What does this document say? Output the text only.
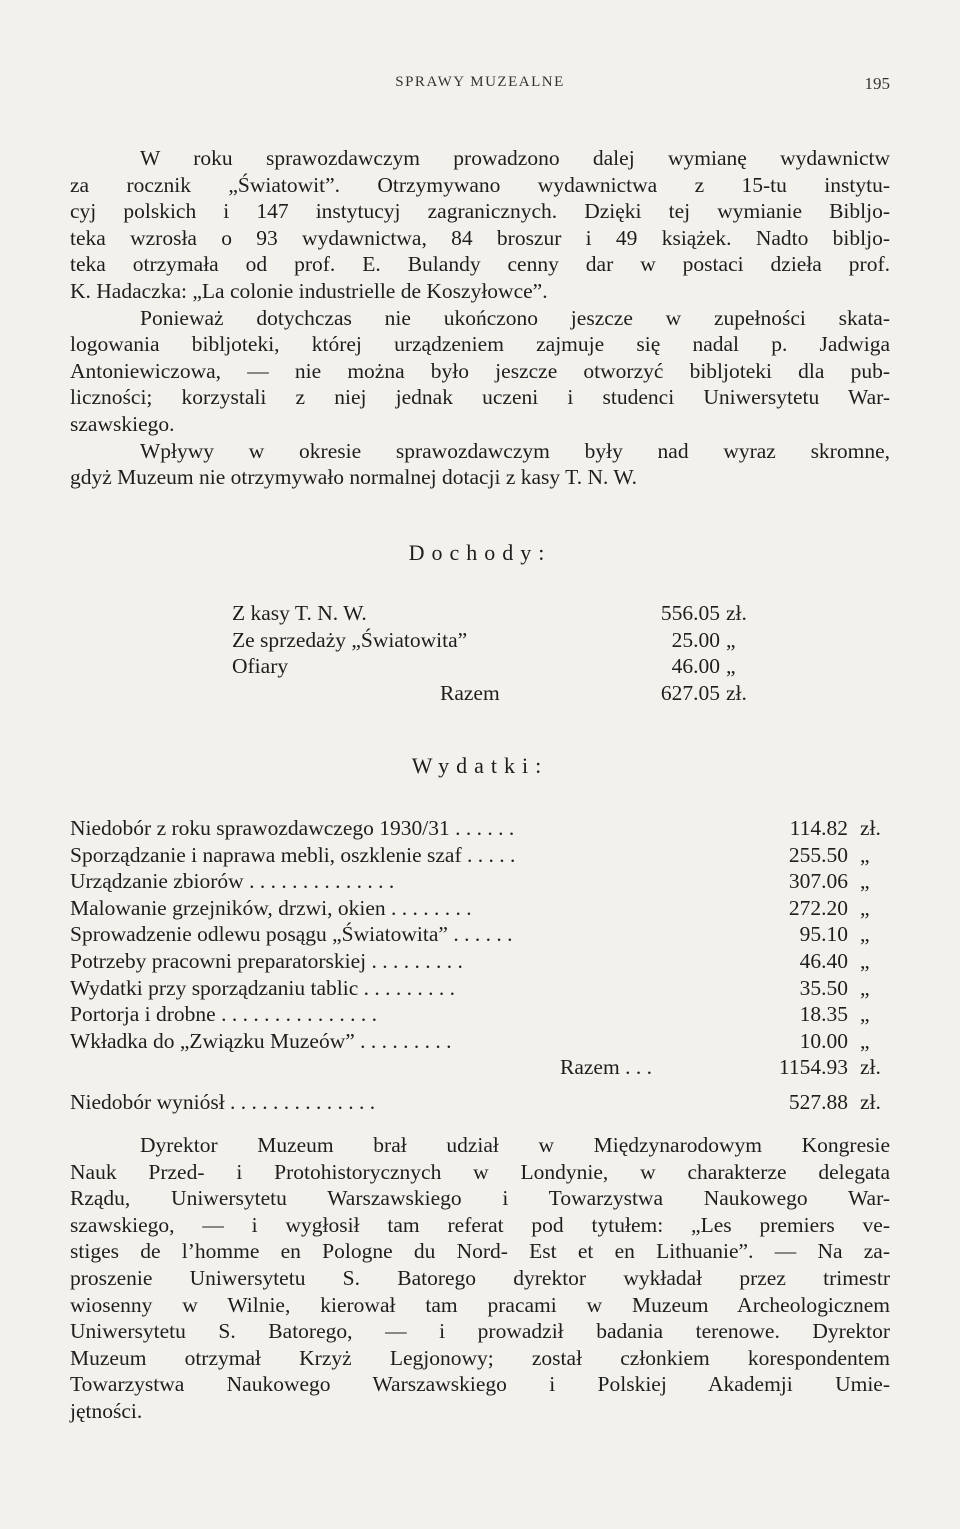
SPRAWY MUZEALNE	195
W roku sprawozdawczym prowadzono dalej wymianę wydawnictw
za rocznik „Światowit”. Otrzymywano wydawnictwa z 15-tu instytu-
cyj polskich i 147 instytucyj zagranicznych. Dzięki tej wymianie Bibljo-
teka wzrosła o 93 wydawnictwa, 84 broszur i 49 książek. Nadto bibljo-
teka otrzymała od prof. E. Bulandy cenny dar w postaci dzieła prof.
K. Hadaczka: „La colonie industrielle de Koszyłowce”.
Ponieważ dotychczas nie ukończono jeszcze w zupełności skata-
logowania bibljoteki, której urządzeniem zajmuje się nadal p. Jadwiga
Antoniewiczowa, — nie można było jeszcze otworzyć bibljoteki dla pub-
liczności; korzystali z niej jednak uczeni i studenci Uniwersytetu War-
szawskiego.
Wpływy w okresie sprawozdawczym były nad wyraz skromne,
gdyż Muzeum nie otrzymywało normalnej dotacji z kasy T. N. W.
Dochody:
Z kasy T. N. W.	556.05 zł.
Ze sprzedaży „Światowita”	25.00 „
Ofiary	46.00 „
Razem	627.05 zł.
Wydatki:
Niedobór z roku sprawozdawczego 1930/31 . . . . . .	114.82 zł.
Sporządzanie i naprawa mebli, oszklenie szaf . . . . .	255.50 „
Urządzanie zbiorów . . . . . . . . . . . . . .	307.06 „
Malowanie grzejników, drzwi, okien . . . . . . . .	272.20 „
Sprowadzenie odlewu posągu „Światowita” . . . . . .	95.10 „
Potrzeby pracowni preparatorskiej . . . . . . . . .	46.40 „
Wydatki przy sporządzaniu tablic . . . . . . . . .	35.50 „
Portorja i drobne . . . . . . . . . . . . . . .	18.35 „
Wkładka do „Związku Muzeów” . . . . . . . . .	10.00 „
Razem . . .	1154.93 zł.
Niedobór wyniósł . . . . . . . . . . . . . .	527.88 zł.
Dyrektor Muzeum brał udział w Międzynarodowym Kongresie
Nauk Przed- i Protohistorycznych w Londynie, w charakterze delegata
Rządu, Uniwersytetu Warszawskiego i Towarzystwa Naukowego War-
szawskiego, — i wygłosił tam referat pod tytułem: „Les premiers ve-
stiges de l’homme en Pologne du Nord- Est et en Lithuanie”. — Na za-
proszenie Uniwersytetu S. Batorego dyrektor wykładał przez trimestr
wiosenny w Wilnie, kierował tam pracami w Muzeum Archeologicznem
Uniwersytetu S. Batorego, — i prowadził badania terenowe. Dyrektor
Muzeum otrzymał Krzyż Legjonowy; został członkiem korespondentem
Towarzystwa Naukowego Warszawskiego i Polskiej Akademji Umie-
jętności.
